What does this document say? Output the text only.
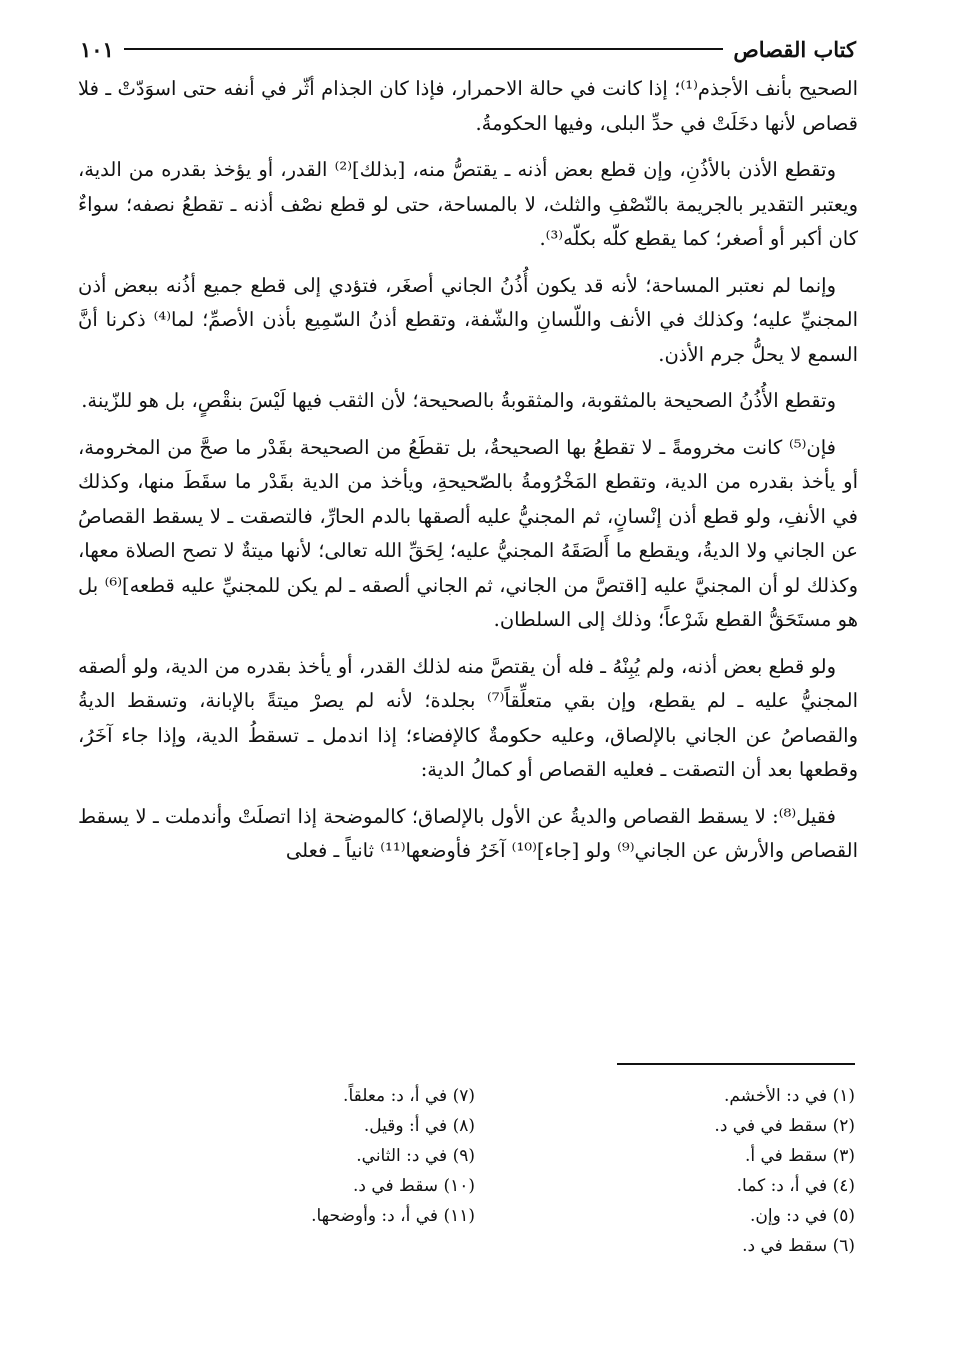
كتاب القصاص
١٠١

الصحيح بأنف الأجذم⁽¹⁾؛ إذا كانت في حالة الاحمرار، فإذا كان الجذام أثّر في أنفه حتى اسوَدّتْ ـ فلا قصاص لأنها دخَلَتْ في حدِّ البلى، وفيها الحكومةُ.

وتقطع الأذن بالأذُنِ، وإن قطع بعض أذنه ـ يقتصُّ منه، [بذلك]⁽²⁾ القدر، أو يؤخذ بقدره من الدية، ويعتبر التقدير بالجريمة بالنّصْفِ والثلث، لا بالمساحة، حتى لو قطع نصْف أذنه ـ تقطعُ نصفه؛ سواءٌ كان أكبر أو أصغر؛ كما يقطع كلّه بكلّه⁽³⁾.

وإنما لم نعتبر المساحة؛ لأنه قد يكون أُذُنُ الجاني أصغَر، فتؤدي إلى قطع جميع أذُنه ببعض أذن المجنيِّ عليه؛ وكذلك في الأنف واللّسانِ والشّفة، وتقطع أذنُ السّمِيع بأذن الأصمِّ؛ لما⁽⁴⁾ ذكرنا أنَّ السمع لا يحلُّ جرم الأذن.

وتقطع الأُذُنُ الصحيحة بالمثقوبة، والمثقوبةُ بالصحيحة؛ لأن الثقب فيها لَيْسَ بنقْصٍ، بل هو للزّينة.

فإن⁽⁵⁾ كانت مخرومةً ـ لا تقطعُ بها الصحيحةُ، بل تقطَعُ من الصحيحة بقَدْر ما صحَّ من المخرومة، أو يأخذ بقدره من الدية، وتقطع المَخْرُومةُ بالصّحيحةِ، ويأخذ من الدية بقَدْر ما سقَطَ منها، وكذلك في الأنفِ، ولو قطع أذن إنْسانٍ، ثم المجنيُّ عليه ألصقها بالدم الحارِّ، فالتصقت ـ لا يسقط القصاصُ عن الجاني ولا الديةُ، ويقطع ما أَلصَقَهُ المجنيُّ عليه؛ لِحَقِّ الله تعالى؛ لأنها ميتةٌ لا تصح الصلاة معها، وكذلك لو أن المجنيَّ عليه [اقتصَّ من الجاني، ثم الجاني ألصقه ـ لم يكن للمجنيِّ عليه قطعه]⁽⁶⁾ بل هو مستَحَقُّ القطع شَرْعاً؛ وذلك إلى السلطان.

ولو قطع بعض أذنه، ولم يُبِنْهُ ـ فله أن يقتصَّ منه لذلك القدر، أو يأخذ بقدره من الدية، ولو ألصقه المجنيُّ عليه ـ لم يقطع، وإن بقي متعلِّقاً⁽⁷⁾ بجلدة؛ لأنه لم يصرْ ميتةً بالإبانة، وتسقط الديةُ والقصاصُ عن الجاني بالإلصاق، وعليه حكومةٌ كالإفضاء؛ إذا اندمل ـ تسقطُ الدية، وإذا جاء آخَرُ، وقطعها بعد أن التصقت ـ فعليه القصاص أو كمالُ الدية:

فقيل⁽⁸⁾: لا يسقط القصاص والديةُ عن الأول بالإلصاق؛ كالموضحة إذا اتصلَتْ وأندملت ـ لا يسقط القصاص والأرش عن الجاني⁽⁹⁾ ولو [جاء]⁽¹⁰⁾ آخَرُ فأوضعها⁽¹¹⁾ ثانياً ـ فعلى

(١) في د: الأخشم.
(٢) سقط في في د.
(٣) سقط في أ.
(٤) في أ، د: كما.
(٥) في د: وإن.
(٦) سقط في د.
(٧) في أ، د: معلقاً.
(٨) في أ: وقيل.
(٩) في د: الثاني.
(١٠) سقط في د.
(١١) في أ، د: وأوضحها.
